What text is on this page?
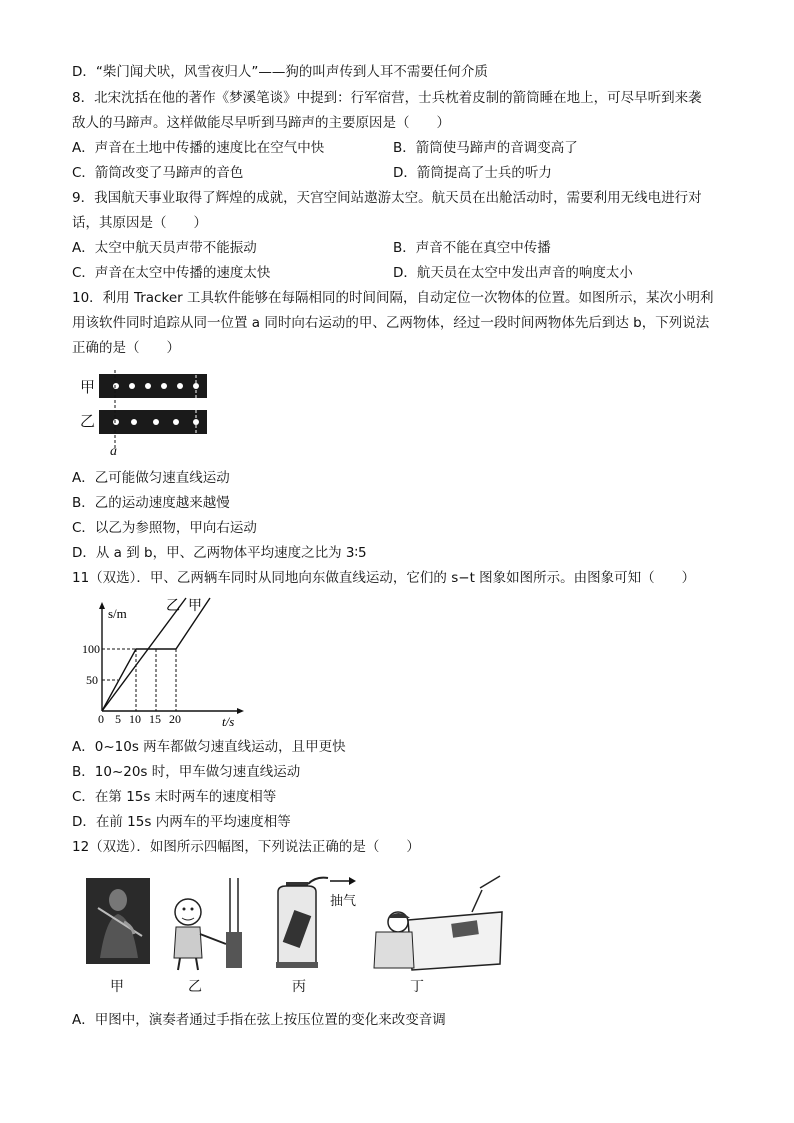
D．“柴门闻犬吠，风雪夜归人”——狗的叫声传到人耳不需要任何介质
8．北宋沈括在他的著作《梦溪笔谈》中提到：行军宿营，士兵枕着皮制的箭筒睡在地上，可尽早听到来袭
敌人的马蹄声。这样做能尽早听到马蹄声的主要原因是（　　）
A．声音在土地中传播的速度比在空气中快	B．箭筒使马蹄声的音调变高了
C．箭筒改变了马蹄声的音色	D．箭筒提高了士兵的听力
9．我国航天事业取得了辉煌的成就，天宫空间站遨游太空。航天员在出舱活动时，需要利用无线电进行对
话，其原因是（　　）
A．太空中航天员声带不能振动	B．声音不能在真空中传播
C．声音在太空中传播的速度太快	D．航天员在太空中发出声音的响度太小
10．利用 Tracker 工具软件能够在每隔相同的时间间隔，自动定位一次物体的位置。如图所示，某次小明利
用该软件同时追踪从同一位置 a 同时向右运动的甲、乙两物体，经过一段时间两物体先后到达 b，下列说法
正确的是（　　）
甲
乙
a
A．乙可能做匀速直线运动
B．乙的运动速度越来越慢
C．以乙为参照物，甲向右运动
D．从 a 到 b，甲、乙两物体平均速度之比为 3∶5
11（双选）．甲、乙两辆车同时从同地向东做直线运动，它们的 s−t 图象如图所示。由图象可知（　　）
s/m
t/s
100
50
0 5 10 15 20
乙 甲
A．0~10s 两车都做匀速直线运动，且甲更快
B．10~20s 时，甲车做匀速直线运动
C．在第 15s 末时两车的速度相等
D．在前 15s 内两车的平均速度相等
12（双选）．如图所示四幅图，下列说法正确的是（　　）
抽气
甲	乙	丙	丁
A．甲图中，演奏者通过手指在弦上按压位置的变化来改变音调
